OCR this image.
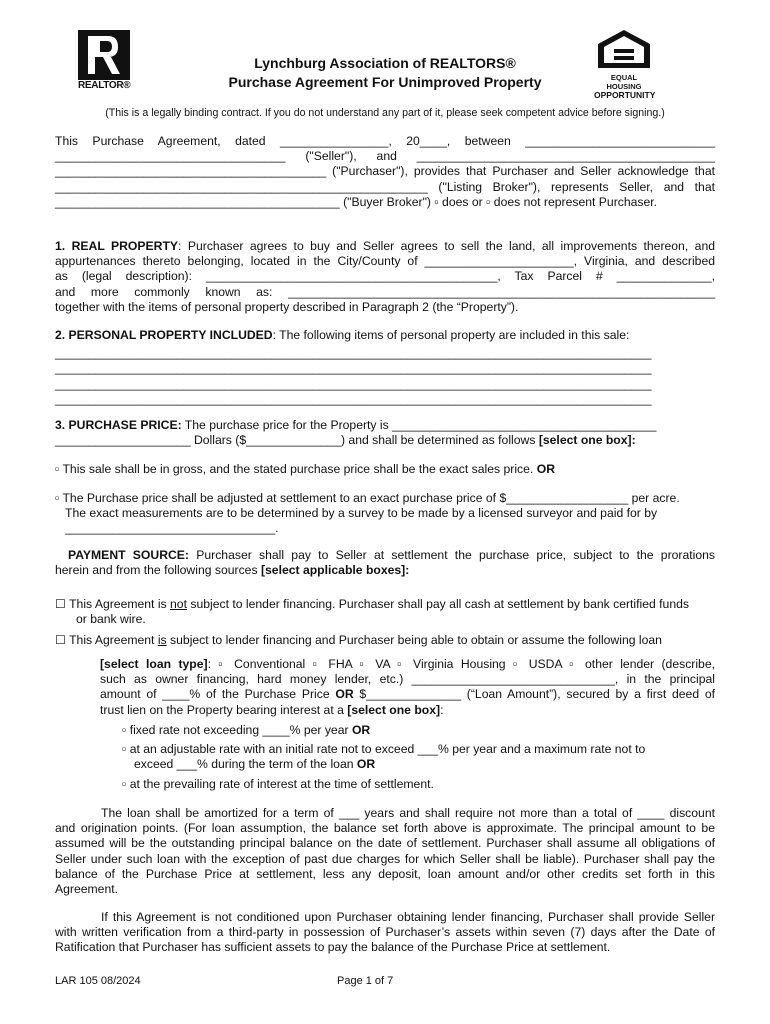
REALTOR®
Lynchburg Association of REALTORS®
Purchase Agreement For Unimproved Property	EQUAL HOUSING
OPPORTUNITY
(This is a legally binding contract. If you do not understand any part of it, please seek competent advice before signing.)
This Purchase Agreement, dated ________________, 20____, between ____________________________
__________________________________ ("Seller"), and ____________________________________________
________________________________________ ("Purchaser"), provides that Purchaser and Seller acknowledge that
_______________________________________________________ ("Listing Broker"), represents Seller, and that
__________________________________________ ("Buyer Broker") ▫ does or ▫ does not represent Purchaser.
1. REAL PROPERTY: Purchaser agrees to buy and Seller agrees to sell the land, all improvements thereon, and
appurtenances thereto belonging, located in the City/County of ______________________, Virginia, and described
as (legal description): ___________________________________________, Tax Parcel # ______________,
and more commonly known as: _______________________________________________________________
together with the items of personal property described in Paragraph 2 (the “Property”).
2. PERSONAL PROPERTY INCLUDED: The following items of personal property are included in this sale:
________________________________________________________________________________________
________________________________________________________________________________________
________________________________________________________________________________________
________________________________________________________________________________________
3. PURCHASE PRICE: The purchase price for the Property is _______________________________________
____________________ Dollars ($______________) and shall be determined as follows [select one box]:
▫ This sale shall be in gross, and the stated purchase price shall be the exact sales price. OR
▫ The Purchase price shall be adjusted at settlement to an exact purchase price of $__________________ per acre.
The exact measurements are to be determined by a survey to be made by a licensed surveyor and paid for by
_______________________________.
PAYMENT SOURCE: Purchaser shall pay to Seller at settlement the purchase price, subject to the prorations
herein and from the following sources [select applicable boxes]:
☐ This Agreement is not subject to lender financing. Purchaser shall pay all cash at settlement by bank certified funds
or bank wire.
☐ This Agreement is subject to lender financing and Purchaser being able to obtain or assume the following loan
[select loan type]: ▫ Conventional ▫ FHA ▫ VA ▫ Virginia Housing ▫ USDA ▫ other lender (describe,
such as owner financing, hard money lender, etc.) ______________________________, in the principal
amount of ____% of the Purchase Price OR $______________ (“Loan Amount”), secured by a first deed of
trust lien on the Property bearing interest at a [select one box]:
▫ fixed rate not exceeding ____% per year OR
▫ at an adjustable rate with an initial rate not to exceed ___% per year and a maximum rate not to
exceed ___% during the term of the loan OR
▫ at the prevailing rate of interest at the time of settlement.
The loan shall be amortized for a term of ___ years and shall require not more than a total of ____ discount
and origination points. (For loan assumption, the balance set forth above is approximate. The principal amount to be
assumed will be the outstanding principal balance on the date of settlement. Purchaser shall assume all obligations of
Seller under such loan with the exception of past due charges for which Seller shall be liable). Purchaser shall pay the
balance of the Purchase Price at settlement, less any deposit, loan amount and/or other credits set forth in this
Agreement.
If this Agreement is not conditioned upon Purchaser obtaining lender financing, Purchaser shall provide Seller
with written verification from a third-party in possession of Purchaser’s assets within seven (7) days after the Date of
Ratification that Purchaser has sufficient assets to pay the balance of the Purchase Price at settlement.
LAR 105 08/2024	Page 1 of 7
